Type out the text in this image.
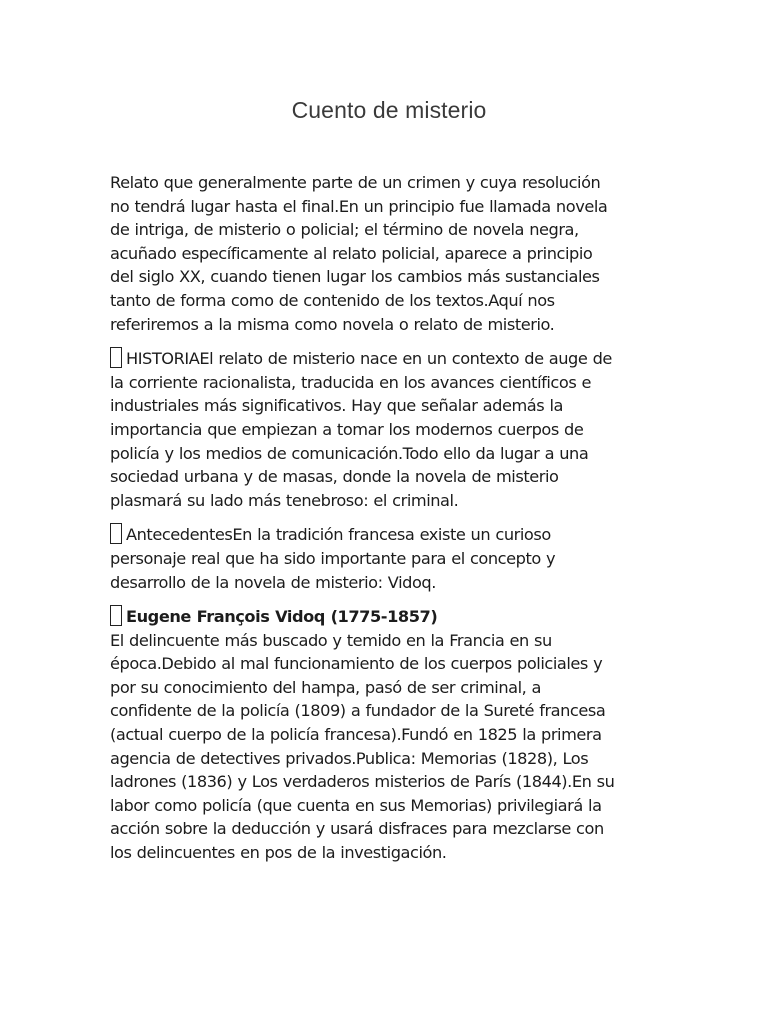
Cuento de misterio

Relato que generalmente parte de un crimen y cuya resolución
no tendrá lugar hasta el final.En un principio fue llamada novela
de intriga, de misterio o policial; el término de novela negra,
acuñado específicamente al relato policial, aparece a principio
del siglo XX, cuando tienen lugar los cambios más sustanciales
tanto de forma como de contenido de los textos.Aquí nos
referiremos a la misma como novela o relato de misterio.

HISTORIAEl relato de misterio nace en un contexto de auge de
la corriente racionalista, traducida en los avances científicos e
industriales más significativos. Hay que señalar además la
importancia que empiezan a tomar los modernos cuerpos de
policía y los medios de comunicación.Todo ello da lugar a una
sociedad urbana y de masas, donde la novela de misterio
plasmará su lado más tenebroso: el criminal.

AntecedentesEn la tradición francesa existe un curioso
personaje real que ha sido importante para el concepto y
desarrollo de la novela de misterio: Vidoq.

Eugene François Vidoq (1775-1857)
El delincuente más buscado y temido en la Francia en su
época.Debido al mal funcionamiento de los cuerpos policiales y
por su conocimiento del hampa, pasó de ser criminal, a
confidente de la policía (1809) a fundador de la Sureté francesa
(actual cuerpo de la policía francesa).Fundó en 1825 la primera
agencia de detectives privados.Publica: Memorias (1828), Los
ladrones (1836) y Los verdaderos misterios de París (1844).En su
labor como policía (que cuenta en sus Memorias) privilegiará la
acción sobre la deducción y usará disfraces para mezclarse con
los delincuentes en pos de la investigación.
